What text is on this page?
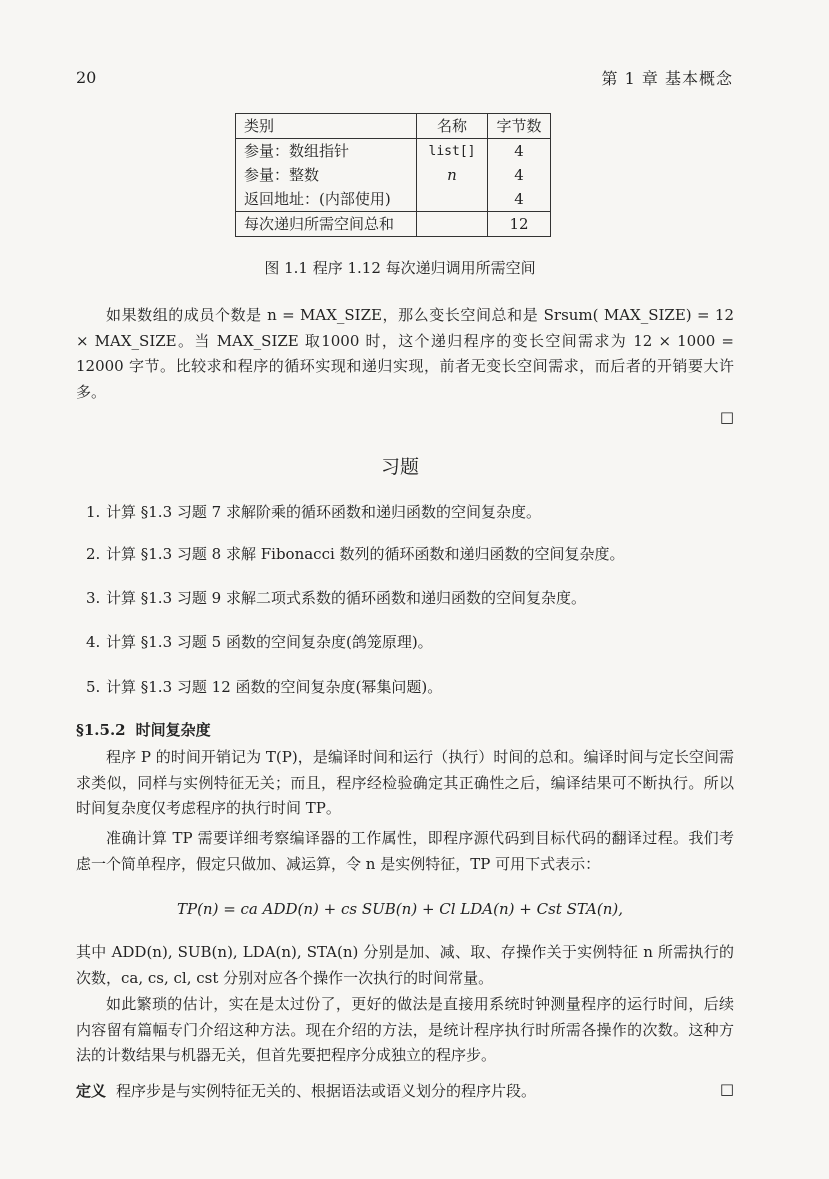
20	第 1 章 基本概念
类别	名称	字节数
参量：数组指针	list[]	4
参量：整数	n	4
返回地址：(内部使用)		4
每次递归所需空间总和		12
图 1.1 程序 1.12 每次递归调用所需空间
如果数组的成员个数是 n = MAX_SIZE，那么变长空间总和是 Srsum( MAX_SIZE) = 12 × MAX_SIZE。当 MAX_SIZE 取1000 时，这个递归程序的变长空间需求为 12 × 1000 = 12000 字节。比较求和程序的循环实现和递归实现，前者无变长空间需求，而后者的开销要大许多。
□
习题
1. 计算 §1.3 习题 7 求解阶乘的循环函数和递归函数的空间复杂度。
2. 计算 §1.3 习题 8 求解 Fibonacci 数列的循环函数和递归函数的空间复杂度。
3. 计算 §1.3 习题 9 求解二项式系数的循环函数和递归函数的空间复杂度。
4. 计算 §1.3 习题 5 函数的空间复杂度(鸽笼原理)。
5. 计算 §1.3 习题 12 函数的空间复杂度(幂集问题)。
§1.5.2 时间复杂度
程序 P 的时间开销记为 T(P)，是编译时间和运行（执行）时间的总和。编译时间与定长空间需求类似，同样与实例特征无关；而且，程序经检验确定其正确性之后，编译结果可不断执行。所以时间复杂度仅考虑程序的执行时间 TP。
准确计算 TP 需要详细考察编译器的工作属性，即程序源代码到目标代码的翻译过程。我们考虑一个简单程序，假定只做加、减运算，令 n 是实例特征，TP 可用下式表示：
TP(n) = ca ADD(n) + cs SUB(n) + Cl LDA(n) + Cst STA(n),
其中 ADD(n), SUB(n), LDA(n), STA(n) 分别是加、减、取、存操作关于实例特征 n 所需执行的次数，ca, cs, cl, cst 分别对应各个操作一次执行的时间常量。
如此繁琐的估计，实在是太过份了，更好的做法是直接用系统时钟测量程序的运行时间，后续内容留有篇幅专门介绍这种方法。现在介绍的方法，是统计程序执行时所需各操作的次数。这种方法的计数结果与机器无关，但首先要把程序分成独立的程序步。
定义 程序步是与实例特征无关的、根据语法或语义划分的程序片段。	□
